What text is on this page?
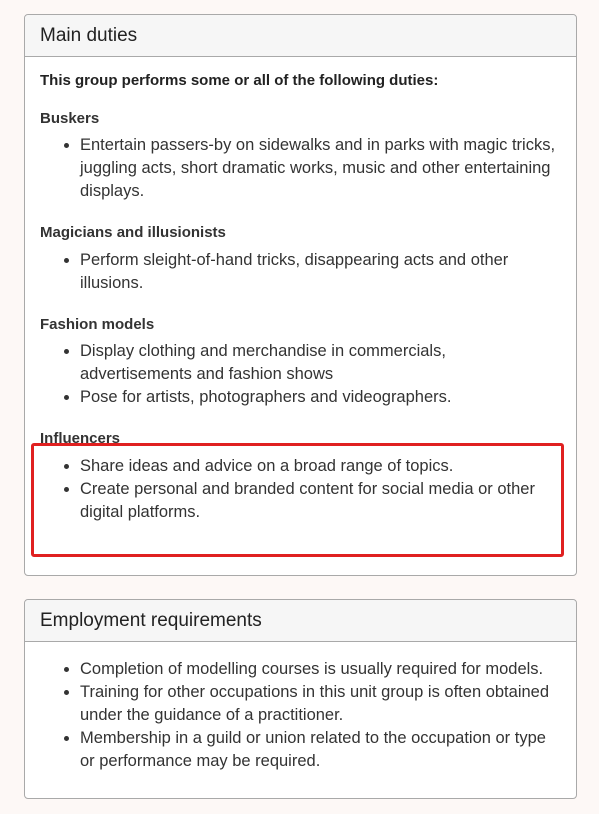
Main duties

This group performs some or all of the following duties:

Buskers
• Entertain passers-by on sidewalks and in parks with magic tricks, juggling acts, short dramatic works, music and other entertaining displays.
Magicians and illusionists
• Perform sleight-of-hand tricks, disappearing acts and other illusions.
Fashion models
• Display clothing and merchandise in commercials, advertisements and fashion shows
• Pose for artists, photographers and videographers.
Influencers
• Share ideas and advice on a broad range of topics.
• Create personal and branded content for social media or other digital platforms.
Employment requirements
• Completion of modelling courses is usually required for models.
• Training for other occupations in this unit group is often obtained under the guidance of a practitioner.
• Membership in a guild or union related to the occupation or type or performance may be required.
